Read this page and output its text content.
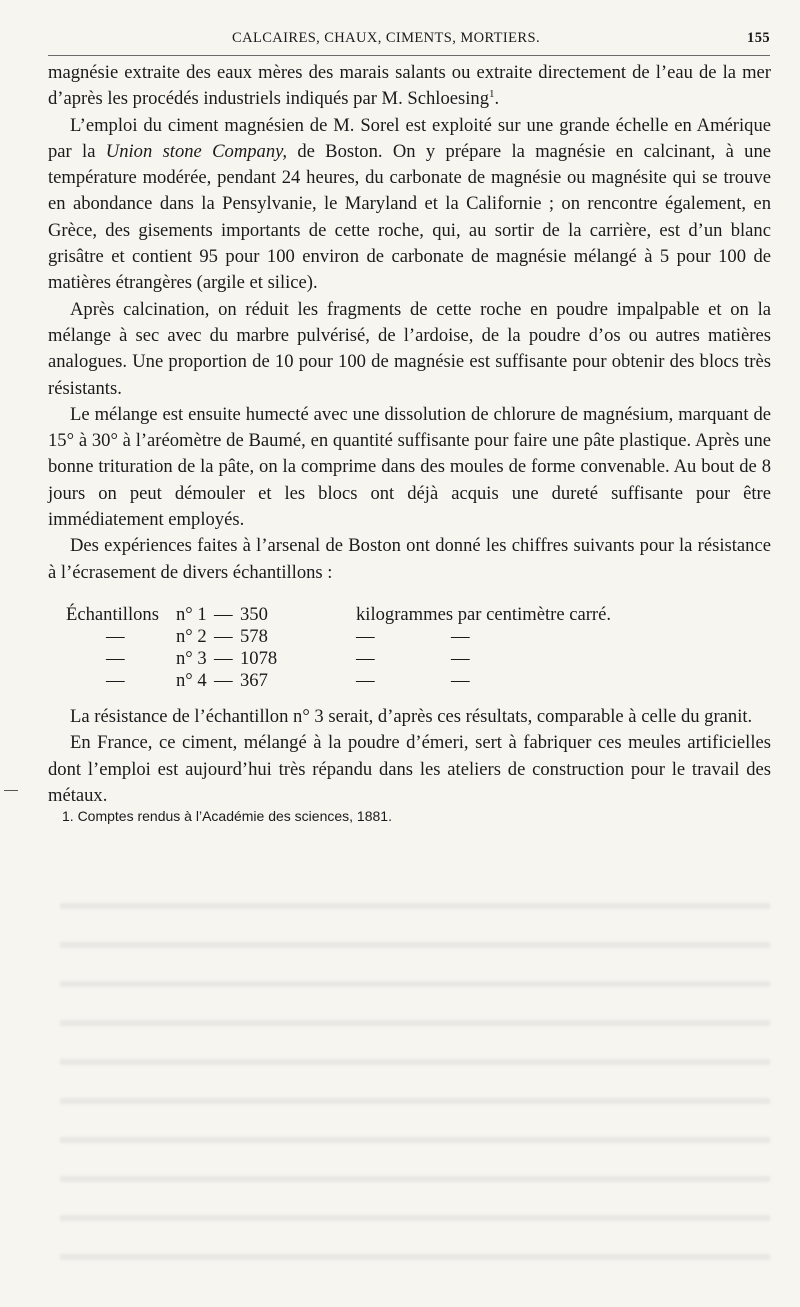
CALCAIRES, CHAUX, CIMENTS, MORTIERS.	155

magnésie extraite des eaux mères des marais salants ou extraite directement de l’eau de la mer d’après les procédés industriels indiqués par M. Schloesing$^1$.

L’emploi du ciment magnésien de M. Sorel est exploité sur une grande échelle en Amérique par la Union stone Company, de Boston. On y prépare la magnésie en calcinant, à une température modérée, pendant 24 heures, du carbonate de magnésie ou magnésite qui se trouve en abondance dans la Pensylvanie, le Maryland et la Californie ; on rencontre également, en Grèce, des gisements importants de cette roche, qui, au sortir de la carrière, est d’un blanc grisâtre et contient 95 pour 100 environ de carbonate de magnésie mélangé à 5 pour 100 de matières étrangères (argile et silice).

Après calcination, on réduit les fragments de cette roche en poudre impalpable et on la mélange à sec avec du marbre pulvérisé, de l’ardoise, de la poudre d’os ou autres matières analogues. Une proportion de 10 pour 100 de magnésie est suffisante pour obtenir des blocs très résistants.

Le mélange est ensuite humecté avec une dissolution de chlorure de magnésium, marquant de 15° à 30° à l’aréomètre de Baumé, en quantité suffisante pour faire une pâte plastique. Après une bonne trituration de la pâte, on la comprime dans des moules de forme convenable. Au bout de 8 jours on peut démouler et les blocs ont déjà acquis une dureté suffisante pour être immédiatement employés.

Des expériences faites à l’arsenal de Boston ont donné les chiffres suivants pour la résistance à l’écrasement de divers échantillons :

Échantillons n° 1 — 350	kilogrammes par centimètre carré.
—	n° 2 — 578	—	—
—	n° 3 — 1078	—	—
—	n° 4 — 367	—	—

La résistance de l’échantillon n° 3 serait, d’après ces résultats, comparable à celle du granit.

En France, ce ciment, mélangé à la poudre d’émeri, sert à fabriquer ces meules artificielles dont l’emploi est aujourd’hui très répandu dans les ateliers de construction pour le travail des métaux.

1. Comptes rendus à l’Académie des sciences, 1881.
